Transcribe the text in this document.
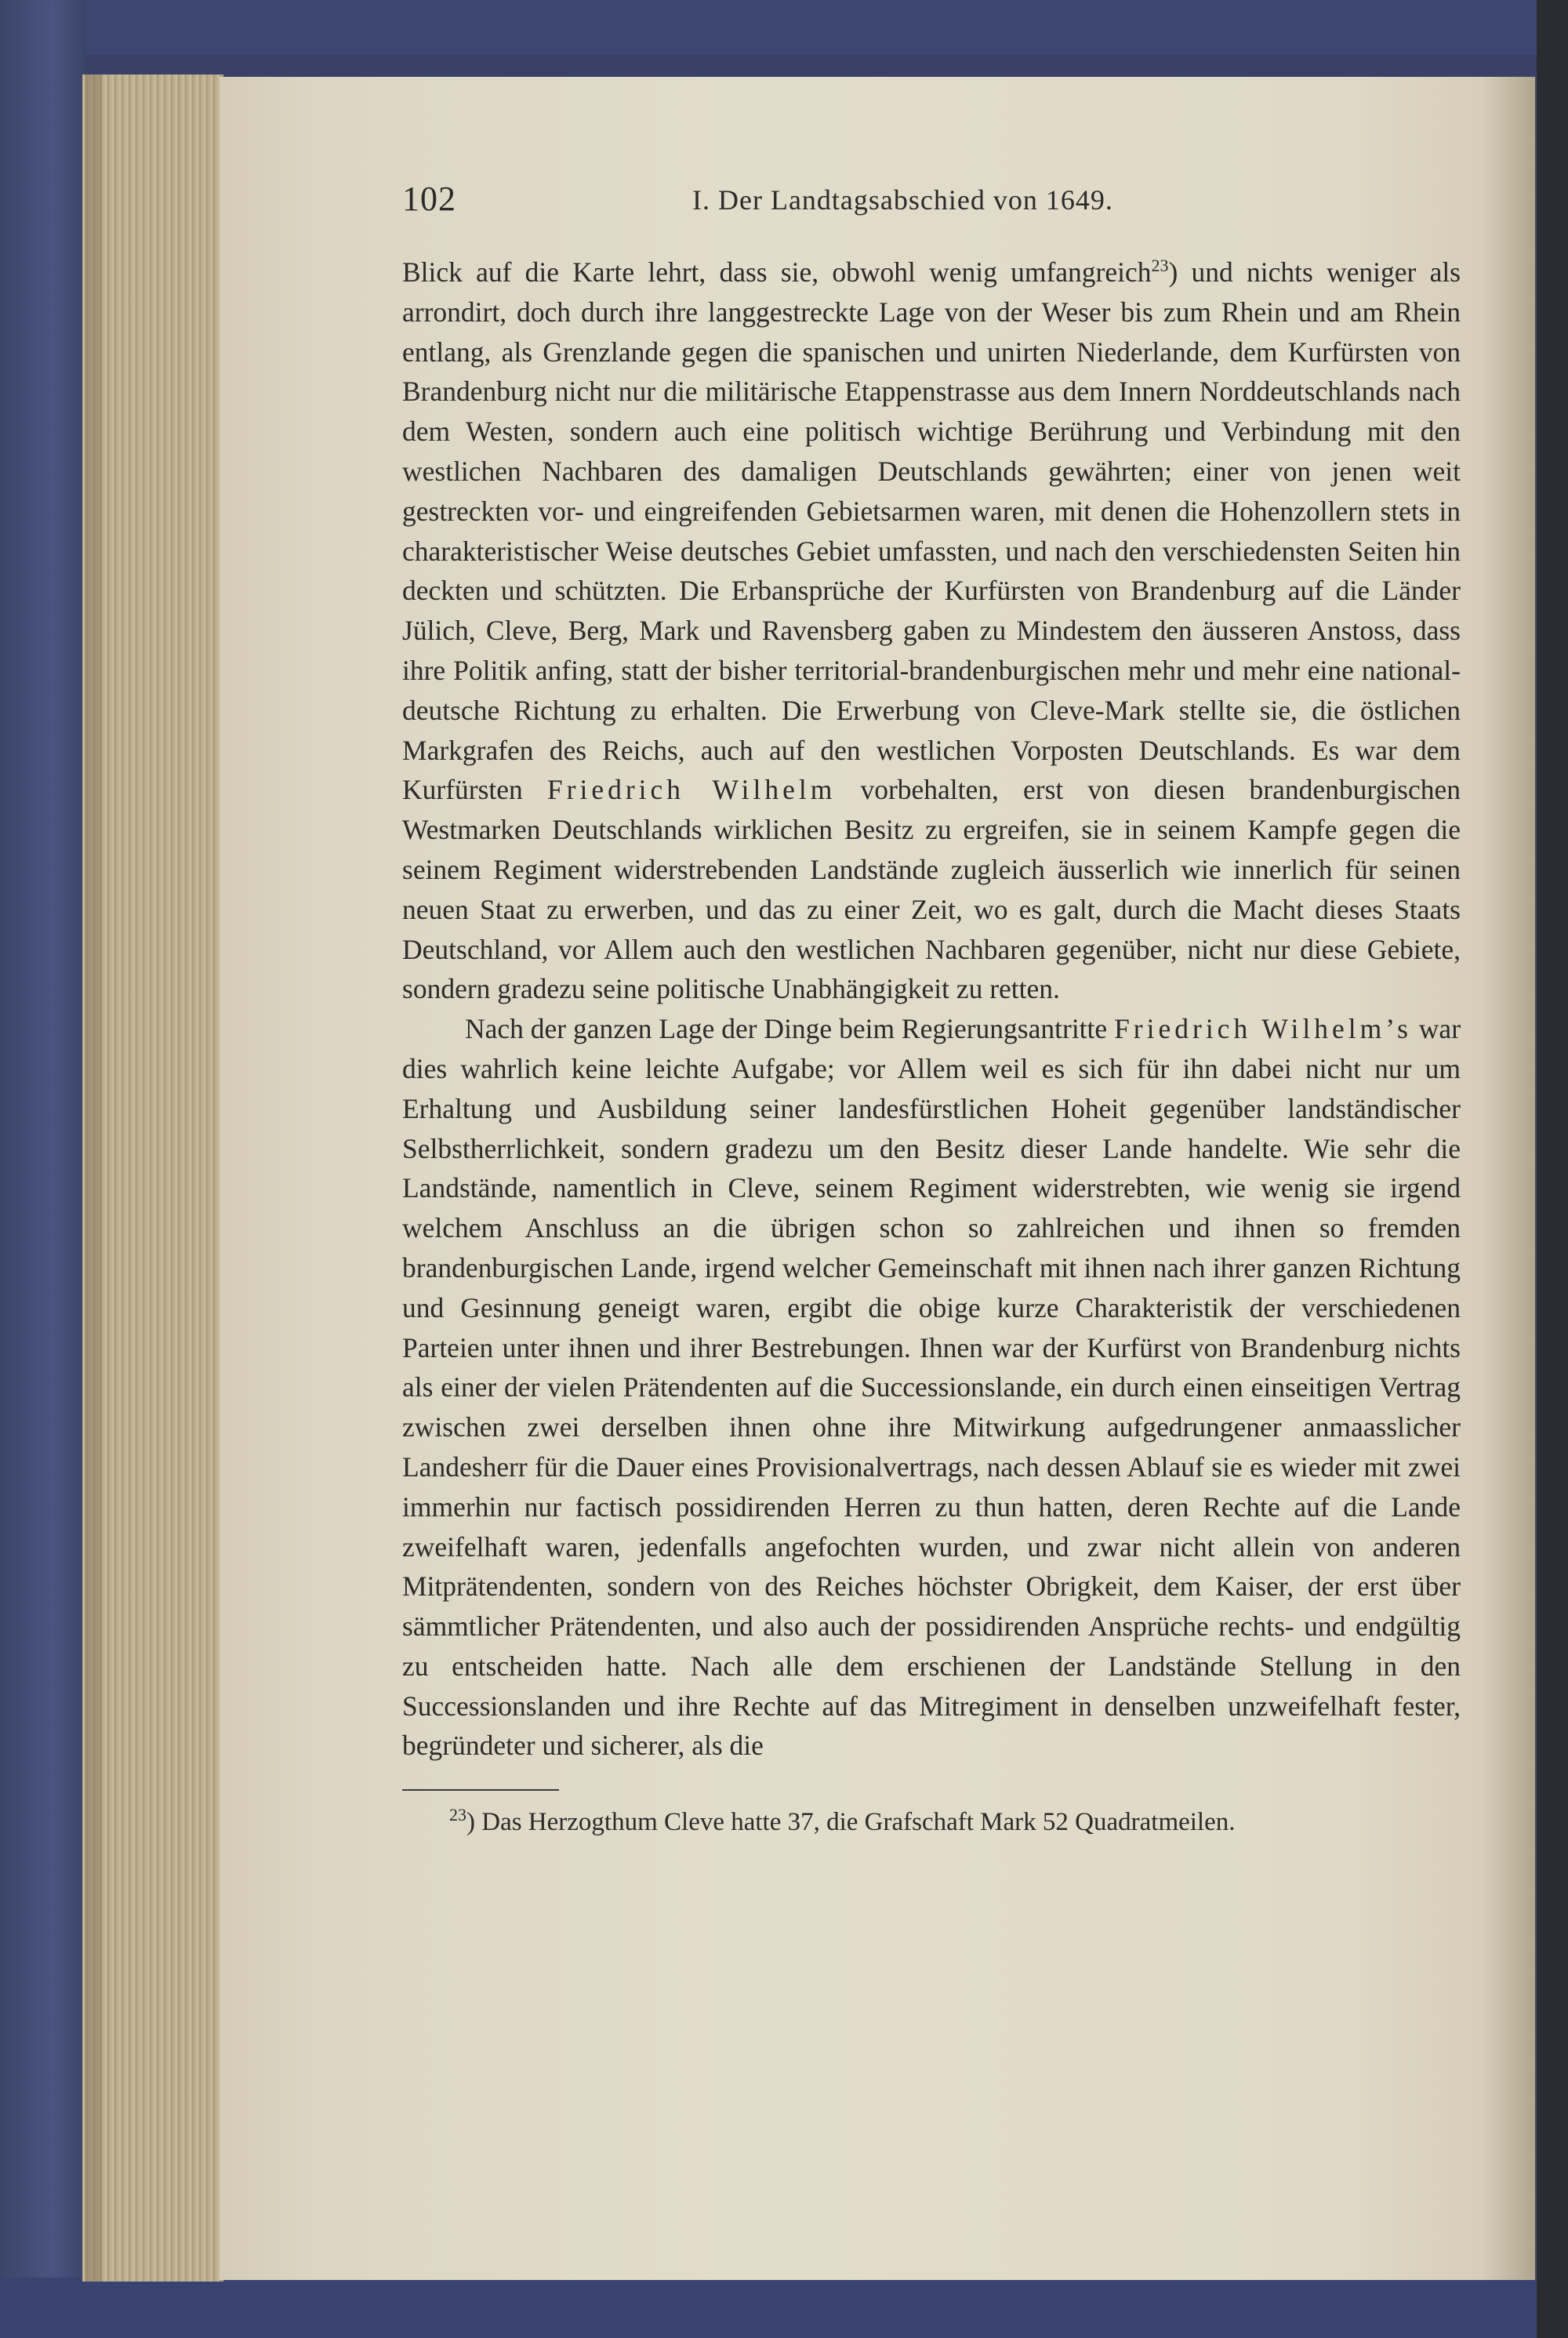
102	I. Der Landtagsabschied von 1649.

Blick auf die Karte lehrt, dass sie, obwohl wenig umfangreich$^{23}$) und nichts weniger als arrondirt, doch durch ihre langgestreckte Lage von der Weser bis zum Rhein und am Rhein entlang, als Grenzlande gegen die spanischen und unirten Niederlande, dem Kurfürsten von Brandenburg nicht nur die militärische Etappenstrasse aus dem Innern Norddeutschlands nach dem Westen, sondern auch eine politisch wichtige Berührung und Verbindung mit den westlichen Nachbaren des damaligen Deutschlands gewährten; einer von jenen weit gestreckten vor- und eingreifenden Gebietsarmen waren, mit denen die Hohenzollern stets in charakteristischer Weise deutsches Gebiet umfassten, und nach den verschiedensten Seiten hin deckten und schützten. Die Erbansprüche der Kurfürsten von Brandenburg auf die Länder Jülich, Cleve, Berg, Mark und Ravensberg gaben zu Mindestem den äusseren Anstoss, dass ihre Politik anfing, statt der bisher territorial-brandenburgischen mehr und mehr eine national-deutsche Richtung zu erhalten. Die Erwerbung von Cleve-Mark stellte sie, die östlichen Markgrafen des Reichs, auch auf den westlichen Vorposten Deutschlands. Es war dem Kurfürsten Friedrich Wilhelm vorbehalten, erst von diesen brandenburgischen Westmarken Deutschlands wirklichen Besitz zu ergreifen, sie in seinem Kampfe gegen die seinem Regiment widerstrebenden Landstände zugleich äusserlich wie innerlich für seinen neuen Staat zu erwerben, und das zu einer Zeit, wo es galt, durch die Macht dieses Staats Deutschland, vor Allem auch den westlichen Nachbaren gegenüber, nicht nur diese Gebiete, sondern gradezu seine politische Unabhängigkeit zu retten.

Nach der ganzen Lage der Dinge beim Regierungsantritte Friedrich Wilhelm’s war dies wahrlich keine leichte Aufgabe; vor Allem weil es sich für ihn dabei nicht nur um Erhaltung und Ausbildung seiner landesfürstlichen Hoheit gegenüber landständischer Selbstherrlichkeit, sondern gradezu um den Besitz dieser Lande handelte. Wie sehr die Landstände, namentlich in Cleve, seinem Regiment widerstrebten, wie wenig sie irgend welchem Anschluss an die übrigen schon so zahlreichen und ihnen so fremden brandenburgischen Lande, irgend welcher Gemeinschaft mit ihnen nach ihrer ganzen Richtung und Gesinnung geneigt waren, ergibt die obige kurze Charakteristik der verschiedenen Parteien unter ihnen und ihrer Bestrebungen. Ihnen war der Kurfürst von Brandenburg nichts als einer der vielen Prätendenten auf die Successionslande, ein durch einen einseitigen Vertrag zwischen zwei derselben ihnen ohne ihre Mitwirkung aufgedrungener anmaasslicher Landesherr für die Dauer eines Provisionalvertrags, nach dessen Ablauf sie es wieder mit zwei immerhin nur factisch possidirenden Herren zu thun hatten, deren Rechte auf die Lande zweifelhaft waren, jedenfalls angefochten wurden, und zwar nicht allein von anderen Mitprätendenten, sondern von des Reiches höchster Obrigkeit, dem Kaiser, der erst über sämmtlicher Prätendenten, und also auch der possidirenden Ansprüche rechts- und endgültig zu entscheiden hatte. Nach alle dem erschienen der Landstände Stellung in den Successionslanden und ihre Rechte auf das Mitregiment in denselben unzweifelhaft fester, begründeter und sicherer, als die

$^{23}$) Das Herzogthum Cleve hatte 37, die Grafschaft Mark 52 Quadratmeilen.
